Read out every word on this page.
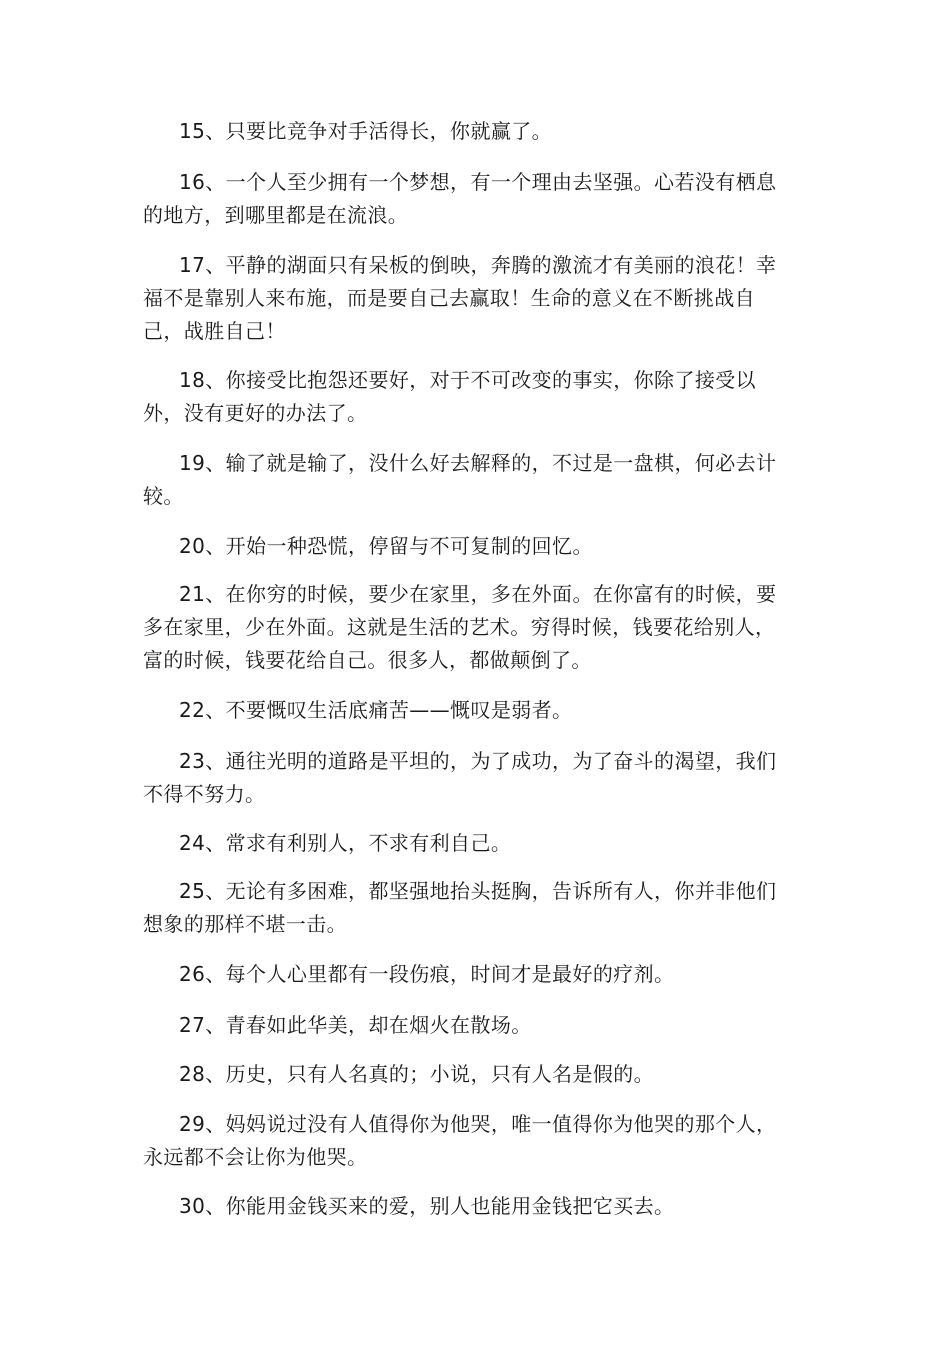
15、只要比竞争对手活得长，你就赢了。

16、一个人至少拥有一个梦想，有一个理由去坚强。心若没有栖息的地方，到哪里都是在流浪。

17、平静的湖面只有呆板的倒映，奔腾的激流才有美丽的浪花！幸福不是靠别人来布施，而是要自己去赢取！生命的意义在不断挑战自己，战胜自己！

18、你接受比抱怨还要好，对于不可改变的事实，你除了接受以外，没有更好的办法了。

19、输了就是输了，没什么好去解释的，不过是一盘棋，何必去计较。

20、开始一种恐慌，停留与不可复制的回忆。

21、在你穷的时候，要少在家里，多在外面。在你富有的时候，要多在家里，少在外面。这就是生活的艺术。穷得时候，钱要花给别人，富的时候，钱要花给自己。很多人，都做颠倒了。

22、不要慨叹生活底痛苦——慨叹是弱者。

23、通往光明的道路是平坦的，为了成功，为了奋斗的渴望，我们不得不努力。

24、常求有利别人，不求有利自己。

25、无论有多困难，都坚强地抬头挺胸，告诉所有人，你并非他们想象的那样不堪一击。

26、每个人心里都有一段伤痕，时间才是最好的疗剂。

27、青春如此华美，却在烟火在散场。

28、历史，只有人名真的；小说，只有人名是假的。

29、妈妈说过没有人值得你为他哭，唯一值得你为他哭的那个人，永远都不会让你为他哭。

30、你能用金钱买来的爱，别人也能用金钱把它买去。
